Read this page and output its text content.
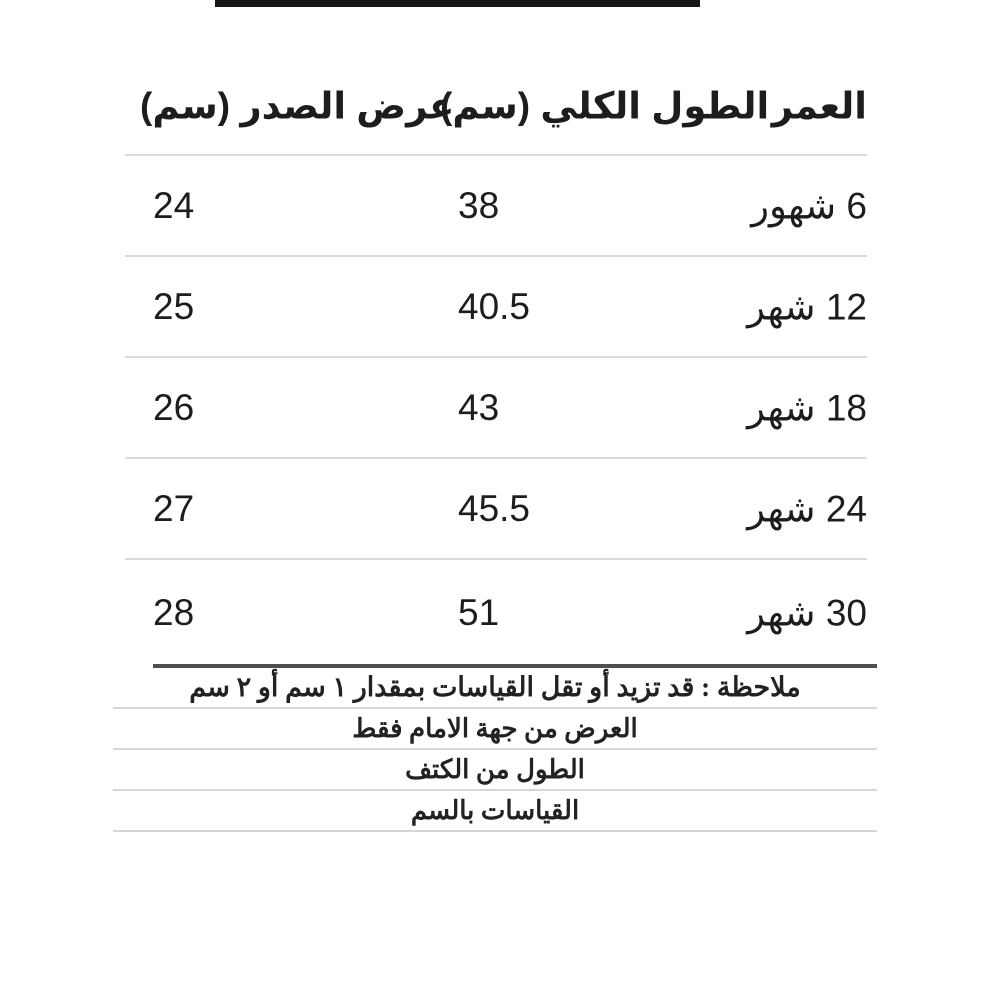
العمر
الطول الكلي (سم)
عرض الصدر (سم)
6 شهور
38
24
12 شهر
40.5
25
18 شهر
43
26
24 شهر
45.5
27
30 شهر
51
28
ملاحظة : قد تزيد أو تقل القياسات بمقدار ١ سم أو ٢ سم
العرض من جهة الامام فقط
الطول من الكتف
القياسات بالسم
